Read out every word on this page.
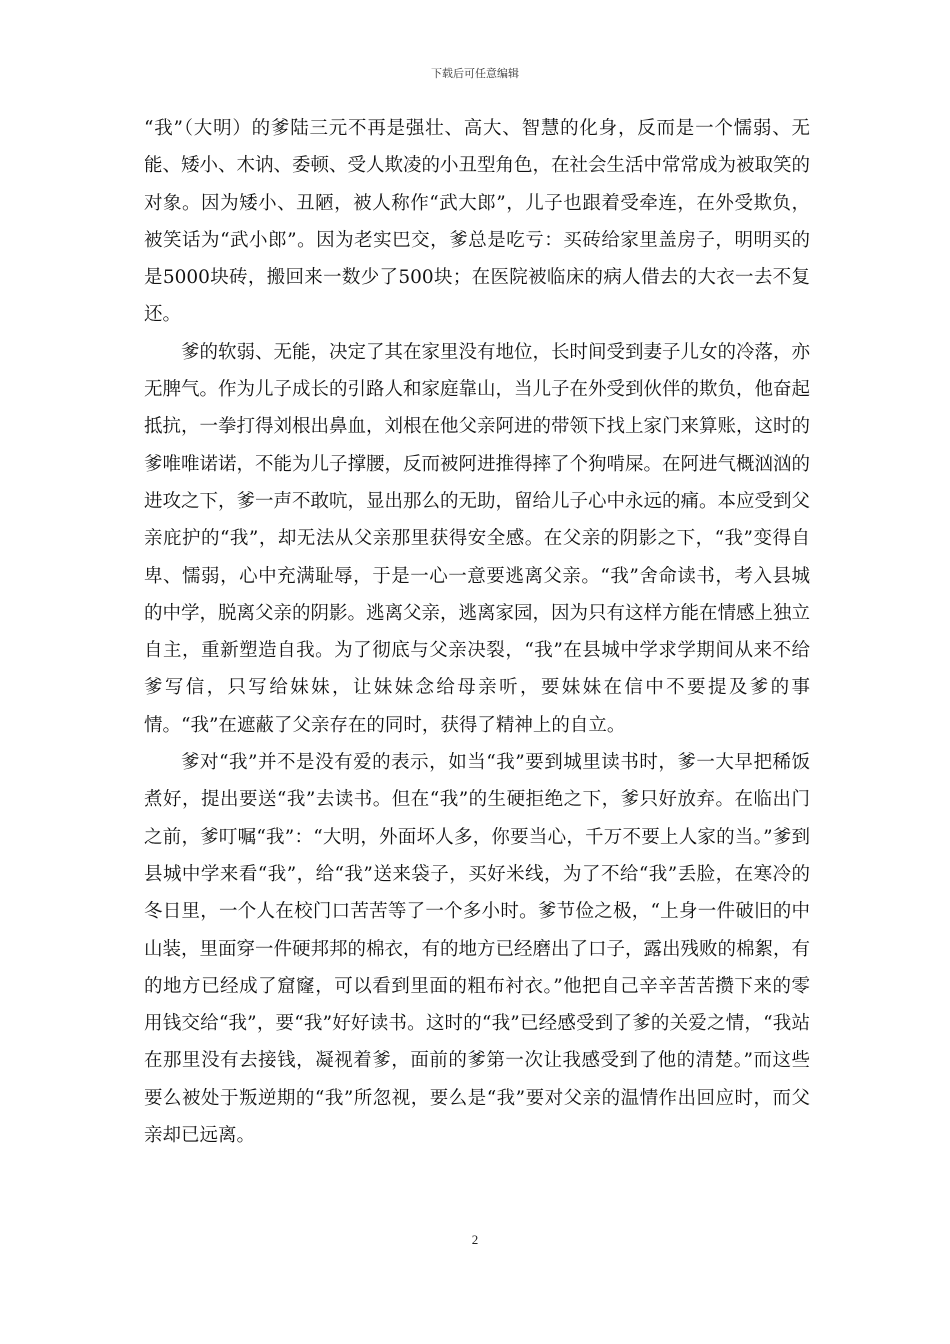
下载后可任意编辑

“我”（大明）的爹陆三元不再是强壮、高大、智慧的化身，反而是一个懦弱、无能、矮小、木讷、委顿、受人欺凌的小丑型角色，在社会生活中常常成为被取笑的对象。因为矮小、丑陋，被人称作“武大郎”，儿子也跟着受牵连，在外受欺负，被笑话为“武小郎”。因为老实巴交，爹总是吃亏：买砖给家里盖房子，明明买的是5000块砖，搬回来一数少了500块；在医院被临床的病人借去的大衣一去不复还。

爹的软弱、无能，决定了其在家里没有地位，长时间受到妻子儿女的冷落，亦无脾气。作为儿子成长的引路人和家庭靠山，当儿子在外受到伙伴的欺负，他奋起抵抗，一拳打得刘根出鼻血，刘根在他父亲阿进的带领下找上家门来算账，这时的爹唯唯诺诺，不能为儿子撑腰，反而被阿进推得摔了个狗啃屎。在阿进气概汹汹的进攻之下，爹一声不敢吭，显出那么的无助，留给儿子心中永远的痛。本应受到父亲庇护的“我”，却无法从父亲那里获得安全感。在父亲的阴影之下，“我”变得自卑、懦弱，心中充满耻辱，于是一心一意要逃离父亲。“我”舍命读书，考入县城的中学，脱离父亲的阴影。逃离父亲，逃离家园，因为只有这样方能在情感上独立自主，重新塑造自我。为了彻底与父亲决裂，“我”在县城中学求学期间从来不给爹写信，只写给妹妹，让妹妹念给母亲听，要妹妹在信中不要提及爹的事情。“我”在遮蔽了父亲存在的同时，获得了精神上的自立。

爹对“我”并不是没有爱的表示，如当“我”要到城里读书时，爹一大早把稀饭煮好，提出要送“我”去读书。但在“我”的生硬拒绝之下，爹只好放弃。在临出门之前，爹叮嘱“我”：“大明，外面坏人多，你要当心，千万不要上人家的当。”爹到县城中学来看“我”，给“我”送来袋子，买好米线，为了不给“我”丢脸，在寒冷的冬日里，一个人在校门口苦苦等了一个多小时。爹节俭之极，“上身一件破旧的中山装，里面穿一件硬邦邦的棉衣，有的地方已经磨出了口子，露出残败的棉絮，有的地方已经成了窟窿，可以看到里面的粗布衬衣。”他把自己辛辛苦苦攒下来的零用钱交给“我”，要“我”好好读书。这时的“我”已经感受到了爹的关爱之情，“我站在那里没有去接钱，凝视着爹，面前的爹第一次让我感受到了他的清楚。”而这些要么被处于叛逆期的“我”所忽视，要么是“我”要对父亲的温情作出回应时，而父亲却已远离。

2
